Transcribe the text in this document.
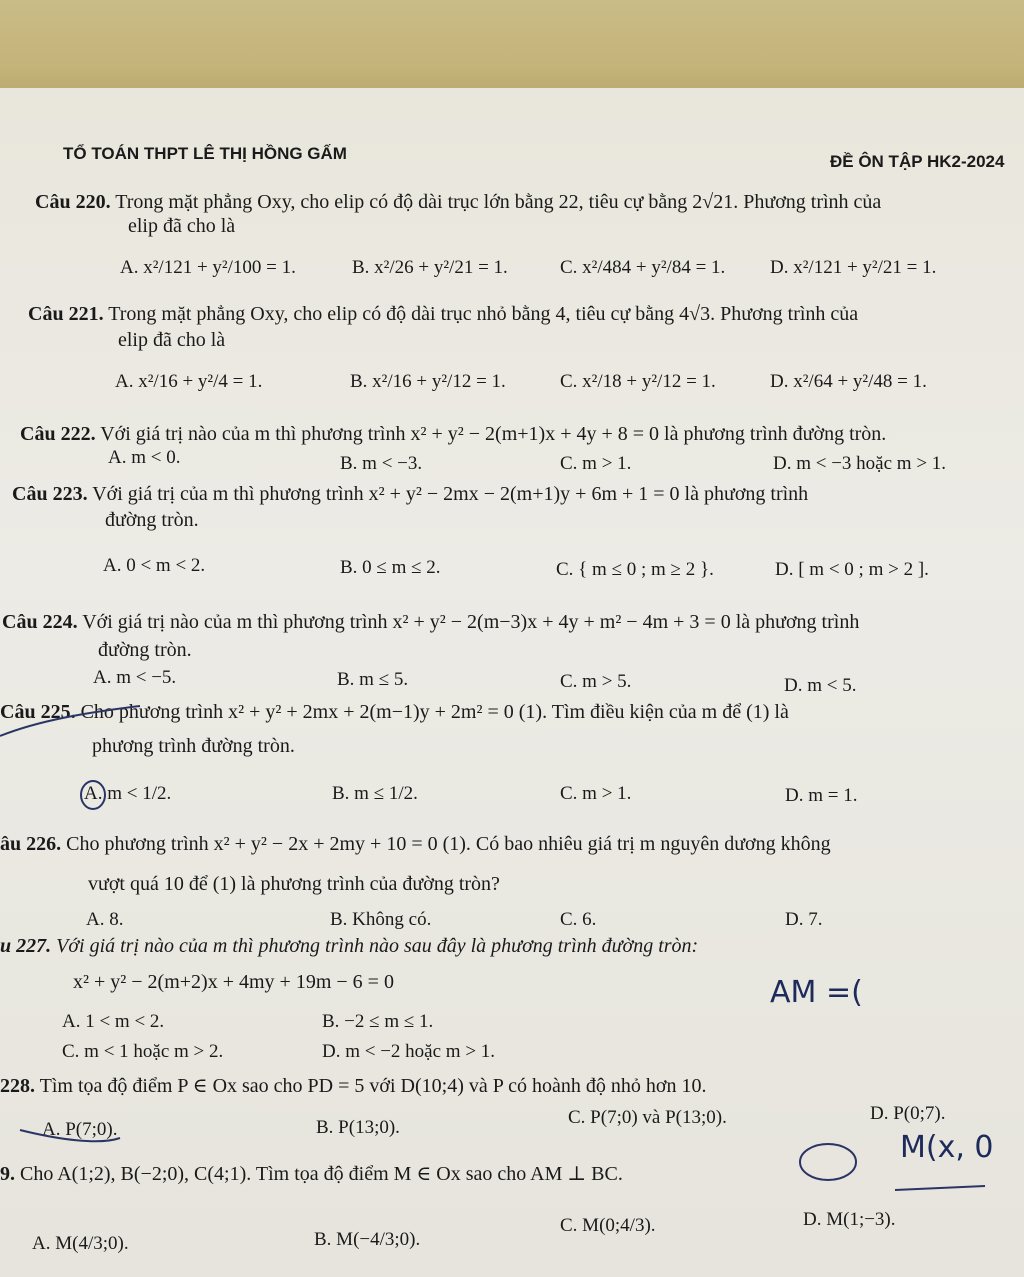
TỔ TOÁN THPT LÊ THỊ HỒNG GẤM	ĐỀ ÔN TẬP HK2-2024
Câu 220. Trong mặt phẳng Oxy, cho elip có độ dài trục lớn bằng 22, tiêu cự bằng 2√21. Phương trình của
elip đã cho là
A. x²/121 + y²/100 = 1.	B. x²/26 + y²/21 = 1.	C. x²/484 + y²/84 = 1. D. x²/121 + y²/21 = 1.
Câu 221. Trong mặt phẳng Oxy, cho elip có độ dài trục nhỏ bằng 4, tiêu cự bằng 4√3. Phương trình của
elip đã cho là
A. x²/16 + y²/4 = 1.	B. x²/16 + y²/12 = 1.	C. x²/18 + y²/12 = 1.	D. x²/64 + y²/48 = 1.
Câu 222. Với giá trị nào của m thì phương trình x² + y² − 2(m+1)x + 4y + 8 = 0 là phương trình đường tròn.
A. m < 0.	B. m < −3.	C. m > 1.	D. m < −3 hoặc m > 1.
Câu 223. Với giá trị của m thì phương trình x² + y² − 2mx − 2(m+1)y + 6m + 1 = 0 là phương trình
đường tròn.
A. 0 < m < 2.	B. 0 ≤ m ≤ 2.	C. { m ≤ 0 ; m ≥ 2 }.	D. [ m < 0 ; m > 2 ].
Câu 224. Với giá trị nào của m thì phương trình x² + y² − 2(m−3)x + 4y + m² − 4m + 3 = 0 là phương trình
đường tròn.
A. m < −5.	B. m ≤ 5.	C. m > 5.	D. m < 5.
Câu 225. Cho phương trình x² + y² + 2mx + 2(m−1)y + 2m² = 0 (1). Tìm điều kiện của m để (1) là
phương trình đường tròn.
A. m < 1/2.	B. m ≤ 1/2.	C. m > 1.	D. m = 1.
âu 226. Cho phương trình x² + y² − 2x + 2my + 10 = 0 (1). Có bao nhiêu giá trị m nguyên dương không
vượt quá 10 để (1) là phương trình của đường tròn?
A. 8.	B. Không có.	C. 6.	D. 7.
u 227. Với giá trị nào của m thì phương trình nào sau đây là phương trình đường tròn:
x² + y² − 2(m+2)x + 4my + 19m − 6 = 0
A. 1 < m < 2.	B. −2 ≤ m ≤ 1.
C. m < 1 hoặc m > 2.	D. m < −2 hoặc m > 1.
228. Tìm tọa độ điểm P ∈ Ox sao cho PD = 5 với D(10;4) và P có hoành độ nhỏ hơn 10.
A. P(7;0).	B. P(13;0).	C. P(7;0) và P(13;0).	D. P(0;7).
9. Cho A(1;2), B(−2;0), C(4;1). Tìm tọa độ điểm M ∈ Ox sao cho AM ⊥ BC.
A. M(4/3;0).	B. M(−4/3;0).
C. M(0;4/3).	D. M(1;−3).
AM =(
M(x, 0
